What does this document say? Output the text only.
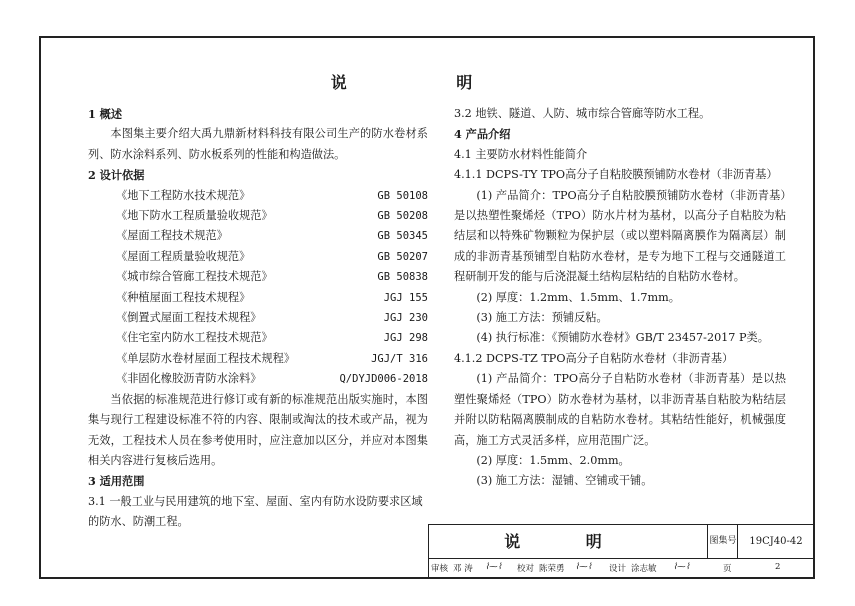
说 明
1 概述
本图集主要介绍大禹九鼎新材料科技有限公司生产的防水卷材系列、防水涂料系列、防水板系列的性能和构造做法。
2 设计依据
《地下工程防水技术规范》	GB 50108
《地下防水工程质量验收规范》	GB 50208
《屋面工程技术规范》	GB 50345
《屋面工程质量验收规范》	GB 50207
《城市综合管廊工程技术规范》	GB 50838
《种植屋面工程技术规程》	JGJ 155
《倒置式屋面工程技术规程》	JGJ 230
《住宅室内防水工程技术规范》	JGJ 298
《单层防水卷材屋面工程技术规程》	JGJ/T 316
《非固化橡胶沥青防水涂料》	Q/DYJD006-2018
当依据的标准规范进行修订或有新的标准规范出版实施时，本图集与现行工程建设标准不符的内容、限制或淘汰的技术或产品，视为无效，工程技术人员在参考使用时，应注意加以区分，并应对本图集相关内容进行复核后选用。
3 适用范围
3.1 一般工业与民用建筑的地下室、屋面、室内有防水设防要求区域的防水、防潮工程。
3.2 地铁、隧道、人防、城市综合管廊等防水工程。
4 产品介绍
4.1 主要防水材料性能简介
4.1.1 DCPS-TY TPO高分子自粘胶膜预铺防水卷材（非沥青基）
(1) 产品简介：TPO高分子自粘胶膜预铺防水卷材（非沥青基）是以热塑性聚烯烃（TPO）防水片材为基材，以高分子自粘胶为粘结层和以特殊矿物颗粒为保护层（或以塑料隔离膜作为隔离层）制成的非沥青基预铺型自粘防水卷材，是专为地下工程与交通隧道工程研制开发的能与后浇混凝土结构层粘结的自粘防水卷材。
(2) 厚度：1.2mm、1.5mm、1.7mm。
(3) 施工方法：预铺反粘。
(4) 执行标准：《预铺防水卷材》GB/T 23457-2017 P类。
4.1.2 DCPS-TZ TPO高分子自粘防水卷材（非沥青基）
(1) 产品简介：TPO高分子自粘防水卷材（非沥青基）是以热塑性聚烯烃（TPO）防水卷材为基材，以非沥青基自粘胶为粘结层并附以防粘隔离膜制成的自粘防水卷材。其粘结性能好，机械强度高，施工方式灵活多样，应用范围广泛。
(2) 厚度：1.5mm、2.0mm。
(3) 施工方法：湿铺、空铺或干铺。
说 明	图集号	19CJ40-42
审核 邓 涛 ⌇⁓⌇ 校对 陈荣勇 ⌇⁓⌇ 设计 涂志敏 ⌇⁓⌇	页	2
